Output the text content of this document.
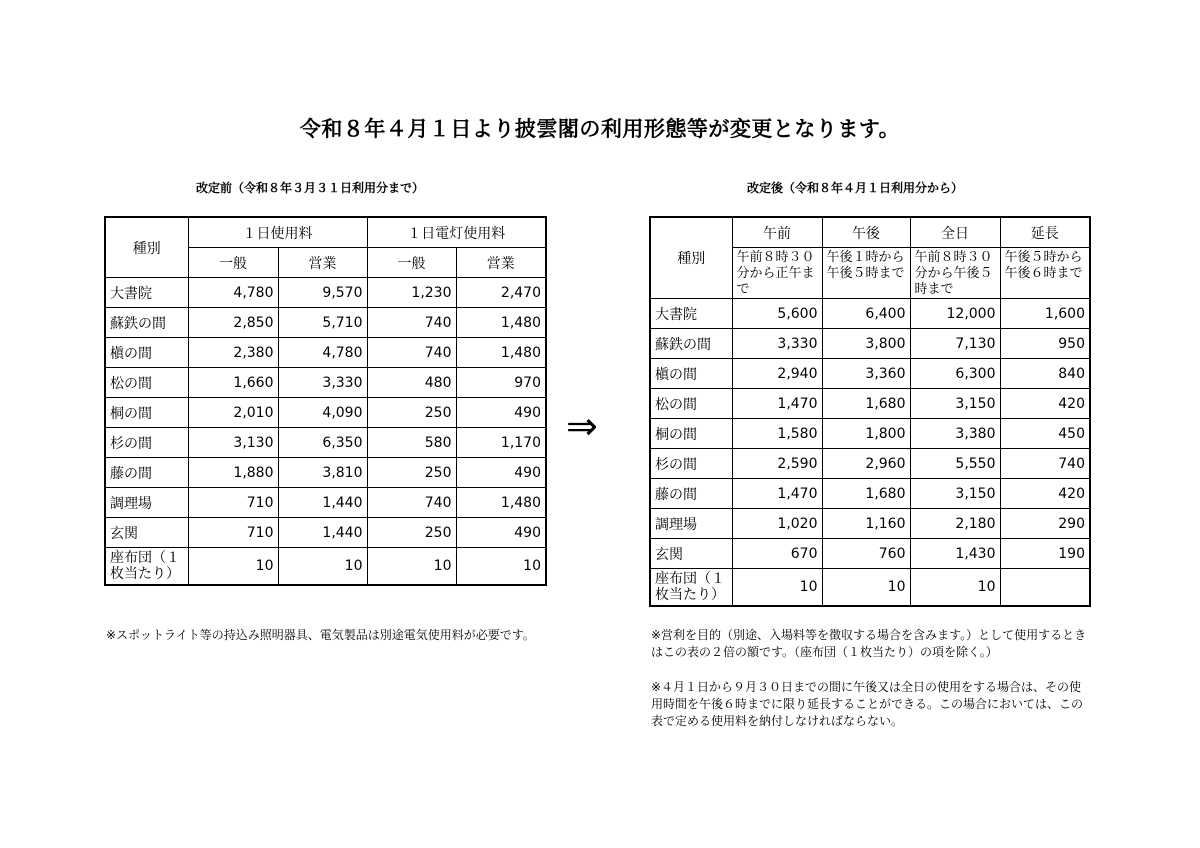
令和８年４月１日より披雲閣の利用形態等が変更となります。
改定前（令和８年３月３１日利用分まで）	改定後（令和８年４月１日利用分から）
種別	１日使用料		１日電灯使用料	
	一般	営業	一般	営業
大書院	4,780	9,570	1,230	2,470
蘇鉄の間	2,850	5,710	740	1,480
槇の間	2,380	4,780	740	1,480
松の間	1,660	3,330	480	970
桐の間	2,010	4,090	250	490
杉の間	3,130	6,350	580	1,170
藤の間	1,880	3,810	250	490
調理場	710	1,440	740	1,480
玄関	710	1,440	250	490
座布団（１
枚当たり）	10	10	10	10
⇒
種別	午前	午後	全日	延長
	午前８時３０分から正午まで	午後１時から午後５時まで	午前８時３０分から午後５時まで	午後５時から午後６時まで
大書院	5,600	6,400	12,000	1,600
蘇鉄の間	3,330	3,800	7,130	950
槇の間	2,940	3,360	6,300	840
松の間	1,470	1,680	3,150	420
桐の間	1,580	1,800	3,380	450
杉の間	2,590	2,960	5,550	740
藤の間	1,470	1,680	3,150	420
調理場	1,020	1,160	2,180	290
玄関	670	760	1,430	190
座布団（１
枚当たり）	10	10	10	
※スポットライト等の持込み照明器具、電気製品は別途電気使用料が必要です。	※営利を目的（別途、入場料等を徴収する場合を含みます。）として使用するときはこの表の２倍の額です。（座布団（１枚当たり）の項を除く。）
※４月１日から９月３０日までの間に午後又は全日の使用をする場合は、その使用時間を午後６時までに限り延長することができる。この場合においては、この表で定める使用料を納付しなければならない。
